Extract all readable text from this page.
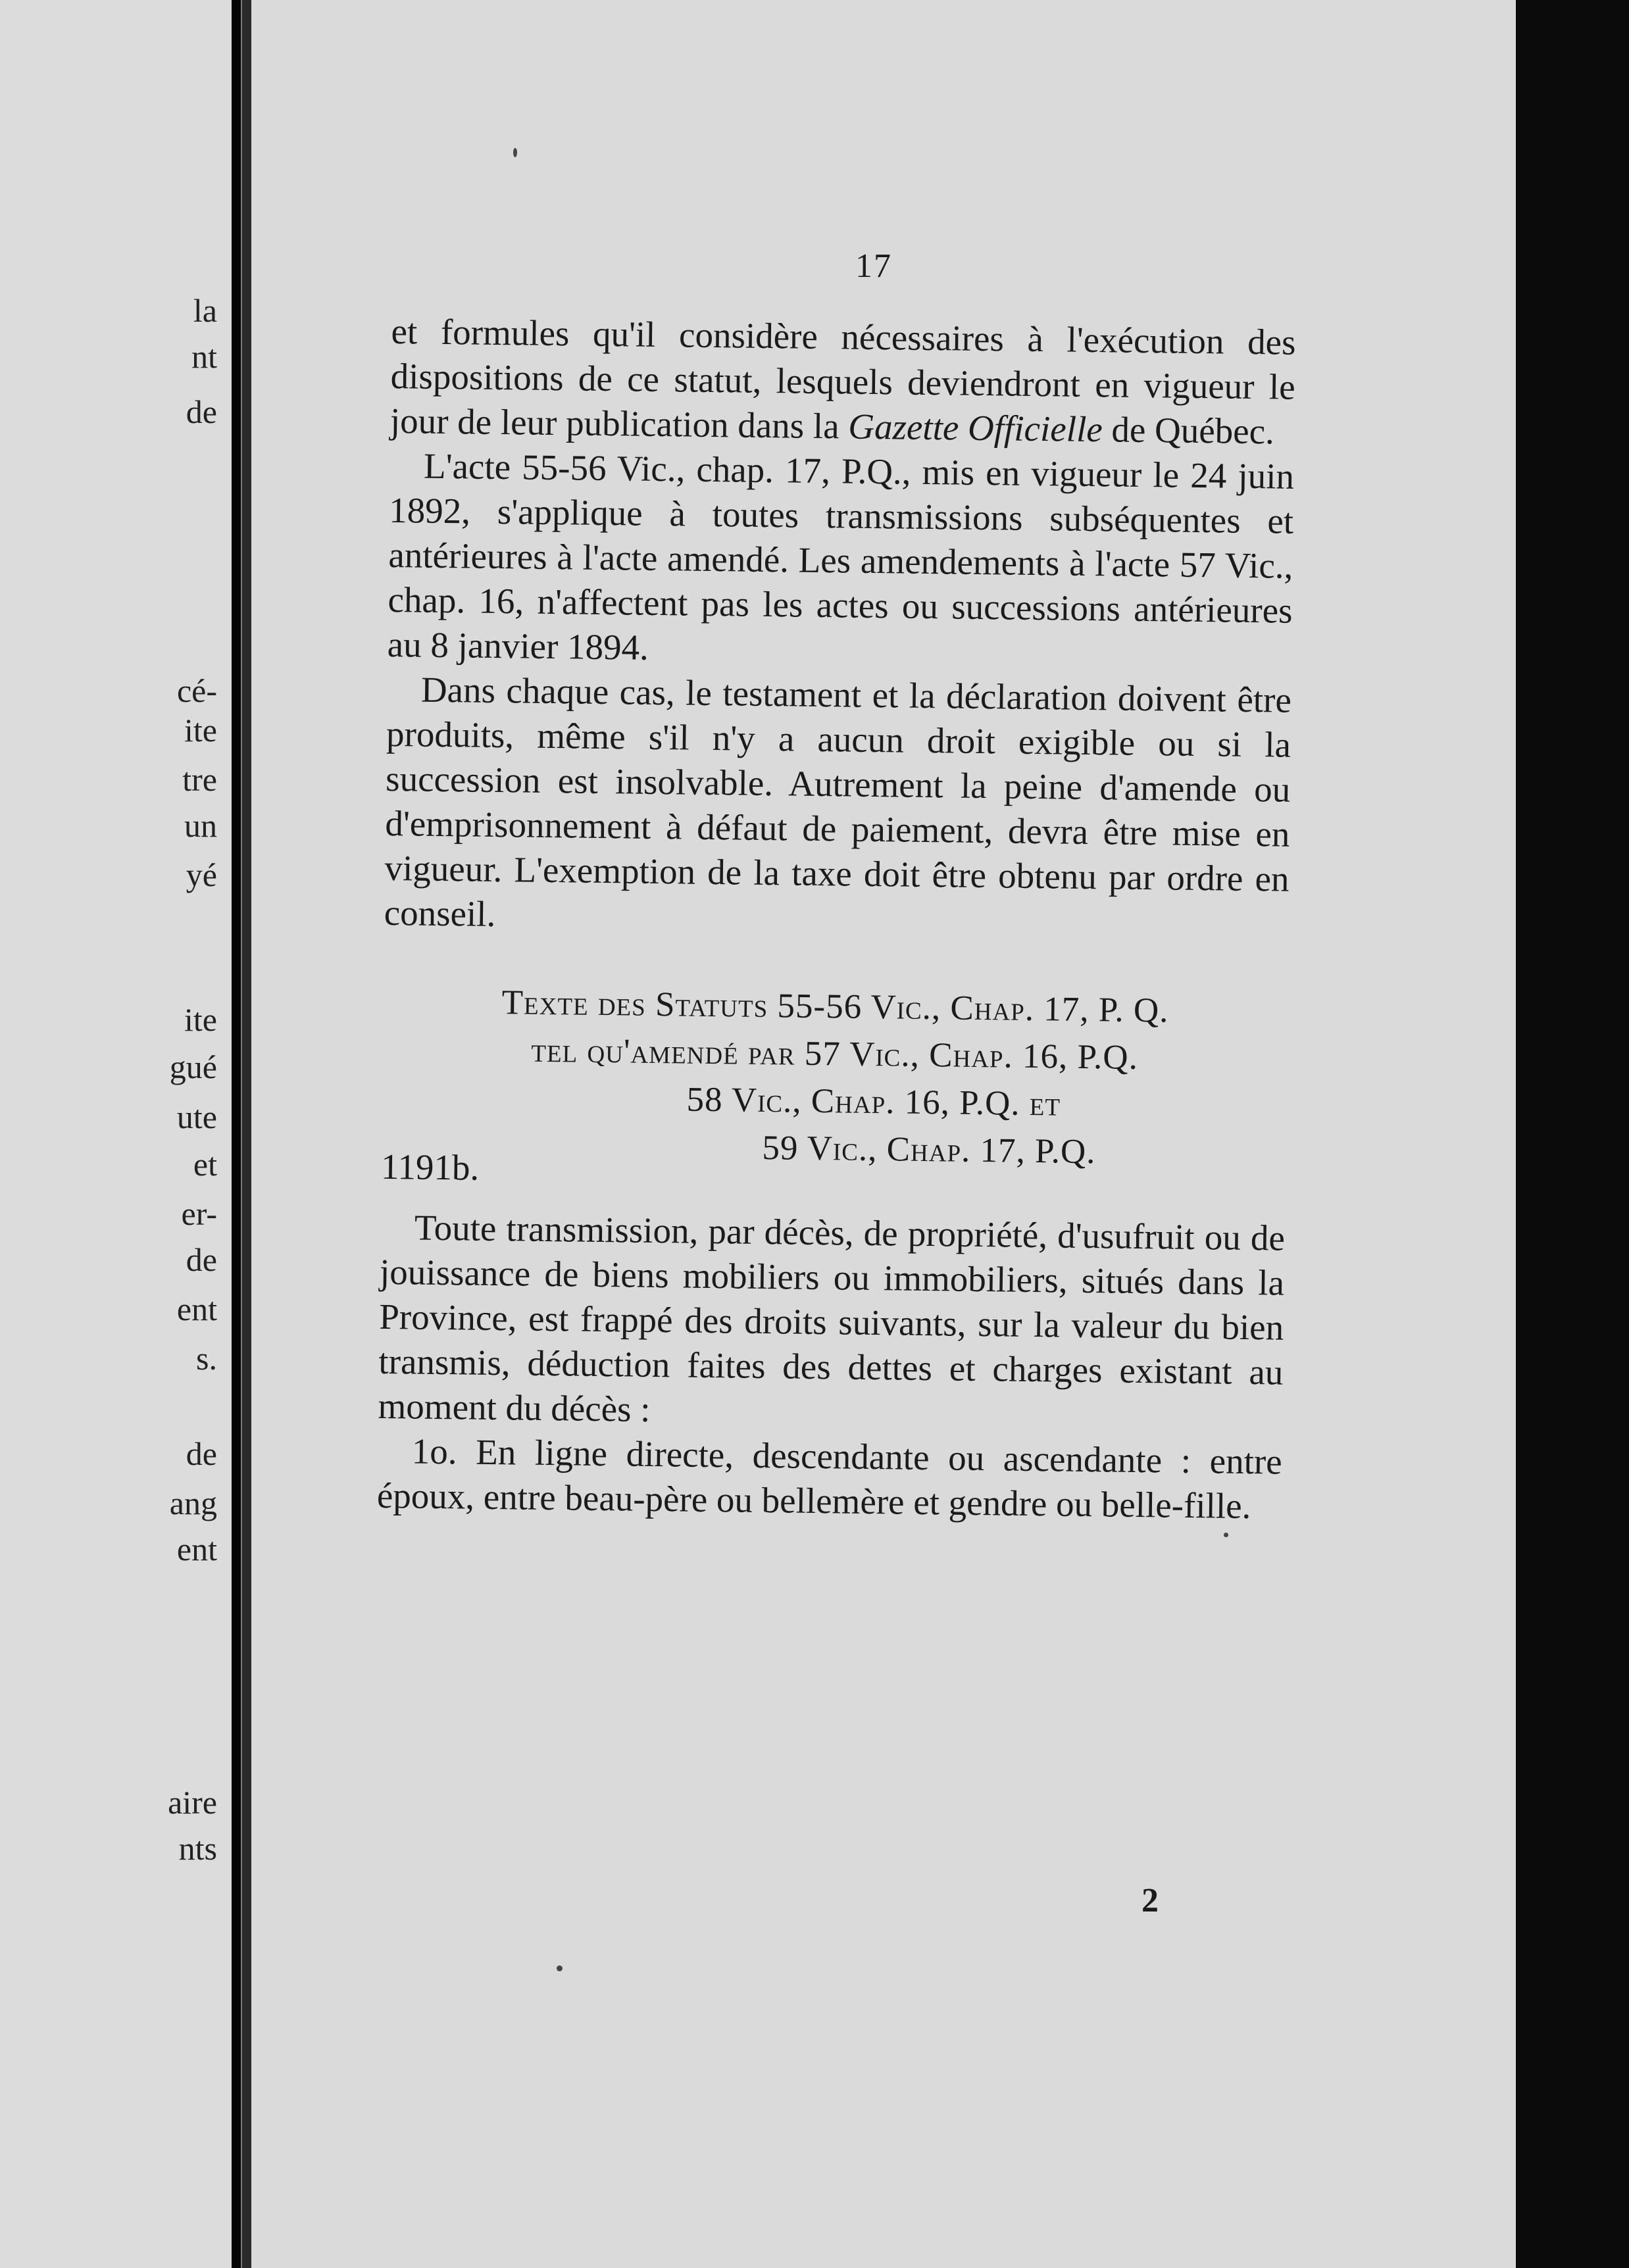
la

nt

de

cé-

ite

tre

un

yé

ite

gué

ute

et

er-

de

ent

s.

de

ang

ent

aire

nts

17

et formules qu'il considère nécessaires à l'exécution des dispositions de ce statut, lesquels deviendront en vigueur le jour de leur publication dans la Gazette Officielle de Québec.

L'acte 55-56 Vic., chap. 17, P.Q., mis en vigueur le 24 juin 1892, s'applique à toutes transmissions subséquentes et antérieures à l'acte amendé. Les amendements à l'acte 57 Vic., chap. 16, n'affectent pas les actes ou successions antérieures au 8 janvier 1894.

Dans chaque cas, le testament et la déclaration doivent être produits, même s'il n'y a aucun droit exigible ou si la succession est insolvable. Autrement la peine d'amende ou d'emprisonnement à défaut de paiement, devra être mise en vigueur. L'exemption de la taxe doit être obtenu par ordre en conseil.

Texte des Statuts 55-56 Vic., Chap. 17, P. Q.
tel qu'amendé par 57 Vic., Chap. 16, P.Q.
58 Vic., Chap. 16, P.Q. et
59 Vic., Chap. 17, P.Q.
1191b.

Toute transmission, par décès, de propriété, d'usufruit ou de jouissance de biens mobiliers ou immobiliers, situés dans la Province, est frappé des droits suivants, sur la valeur du bien transmis, déduction faites des dettes et charges existant au moment du décès :

1o. En ligne directe, descendante ou ascendante : entre époux, entre beau-père ou bellemère et gendre ou belle-fille.

2
